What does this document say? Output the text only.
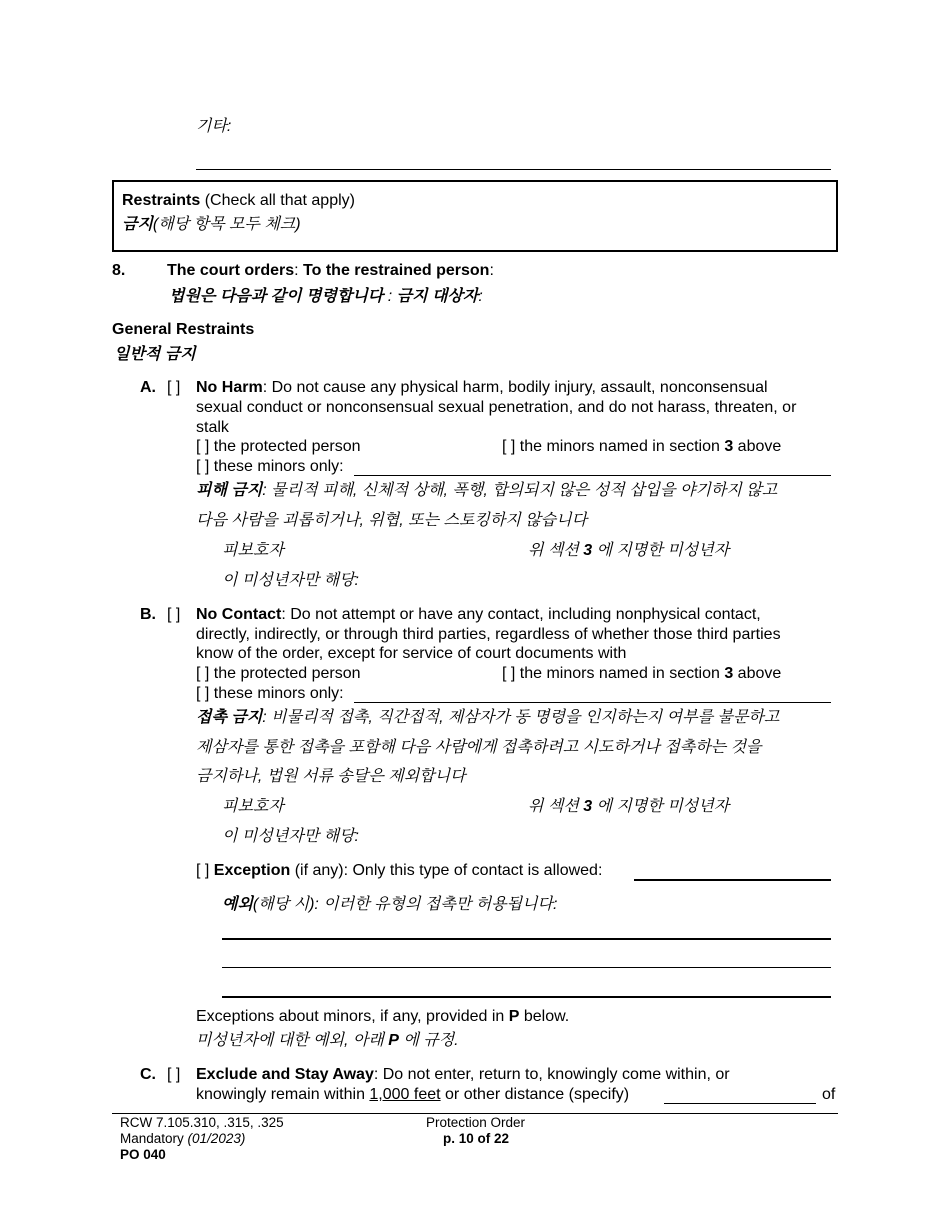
기타:
Restraints (Check all that apply)
금지(해당 항목 모두 체크)
8.	The court orders: To the restrained person:
법원은 다음과 같이 명령합니다 : 금지 대상자:
General Restraints
일반적 금지
A. [ ] No Harm: Do not cause any physical harm, bodily injury, assault, nonconsensual
sexual conduct or nonconsensual sexual penetration, and do not harass, threaten, or
stalk
[ ] the protected person	[ ] the minors named in section 3 above
[ ] these minors only:
피해 금지: 물리적 피해, 신체적 상해, 폭행, 합의되지 않은 성적 삽입을 야기하지 않고
다음 사람을 괴롭히거나, 위협, 또는 스토킹하지 않습니다
피보호자	위 섹션 3 에 지명한 미성년자
이 미성년자만 해당:
B. [ ] No Contact: Do not attempt or have any contact, including nonphysical contact,
directly, indirectly, or through third parties, regardless of whether those third parties
know of the order, except for service of court documents with
[ ] the protected person	[ ] the minors named in section 3 above
[ ] these minors only:
접촉 금지: 비물리적 접촉, 직간접적, 제삼자가 동 명령을 인지하는지 여부를 불문하고
제삼자를 통한 접촉을 포함해 다음 사람에게 접촉하려고 시도하거나 접촉하는 것을
금지하나, 법원 서류 송달은 제외합니다
피보호자	위 섹션 3 에 지명한 미성년자
이 미성년자만 해당:
[ ] Exception (if any): Only this type of contact is allowed:
예외(해당 시): 이러한 유형의 접촉만 허용됩니다:
Exceptions about minors, if any, provided in P below.
미성년자에 대한 예외, 아래 P 에 규정.
C. [ ] Exclude and Stay Away: Do not enter, return to, knowingly come within, or
knowingly remain within 1,000 feet or other distance (specify)	of
RCW 7.105.310, .315, .325
Mandatory (01/2023)
PO 040
Protection Order
p. 10 of 22
